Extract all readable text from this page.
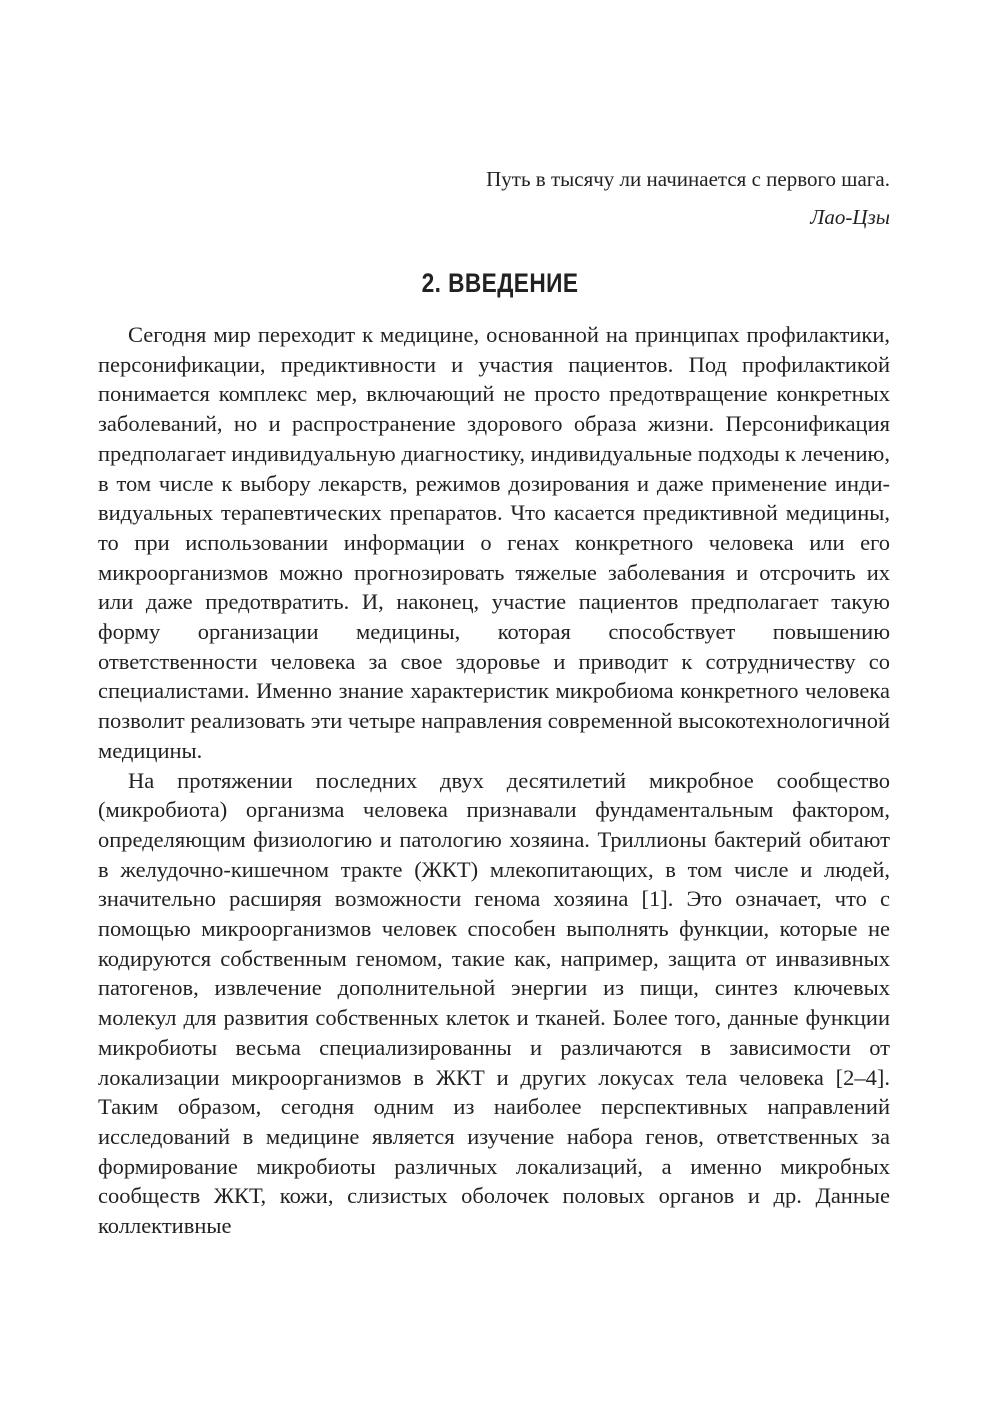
Путь в тысячу ли начинается с первого шага.
Лао-Цзы
2. ВВЕДЕНИЕ

Сегодня мир переходит к медицине, основанной на принципах профилактики, персонификации, предиктивности и участия пациентов. Под профилактикой понимается комплекс мер, включающий не просто предотвращение конкретных заболеваний, но и распространение здорового образа жизни. Персонификация предполагает индивидуальную диагностику, индивидуальные подходы к лечению, в том числе к выбору лекарств, режимов дозирования и даже применение индивидуальных терапевтических препаратов. Что касается предиктивной медицины, то при использовании информации о генах конкретного человека или его микроорганизмов можно прогнозировать тяжелые заболевания и отсрочить их или даже предотвратить. И, наконец, участие пациентов предполагает такую форму организации медицины, которая способствует повышению ответственности человека за свое здоровье и приводит к сотрудничеству со специалистами. Именно знание характеристик микробиома конкретного человека позволит реализовать эти четыре направления современной высокотехнологичной медицины.

На протяжении последних двух десятилетий микробное сообщество (микробиота) организма человека признавали фундаментальным фактором, определяющим физиологию и патологию хозяина. Триллионы бактерий обитают в желудочно-кишечном тракте (ЖКТ) млекопитающих, в том числе и людей, значительно расширяя возможности генома хозяина [1]. Это означает, что с помощью микроорганизмов человек способен выполнять функции, которые не кодируются собственным геномом, такие как, например, защита от инвазивных патогенов, извлечение дополнительной энергии из пищи, синтез ключевых молекул для развития собственных клеток и тканей. Более того, данные функции микробиоты весьма специализированны и различаются в зависимости от локализации микроорганизмов в ЖКТ и других локусах тела человека [2–4]. Таким образом, сегодня одним из наиболее перспективных направлений исследований в медицине является изучение набора генов, ответственных за формирование микробиоты различных локализаций, а именно микробных сообществ ЖКТ, кожи, слизистых оболочек половых органов и др. Данные коллективные
